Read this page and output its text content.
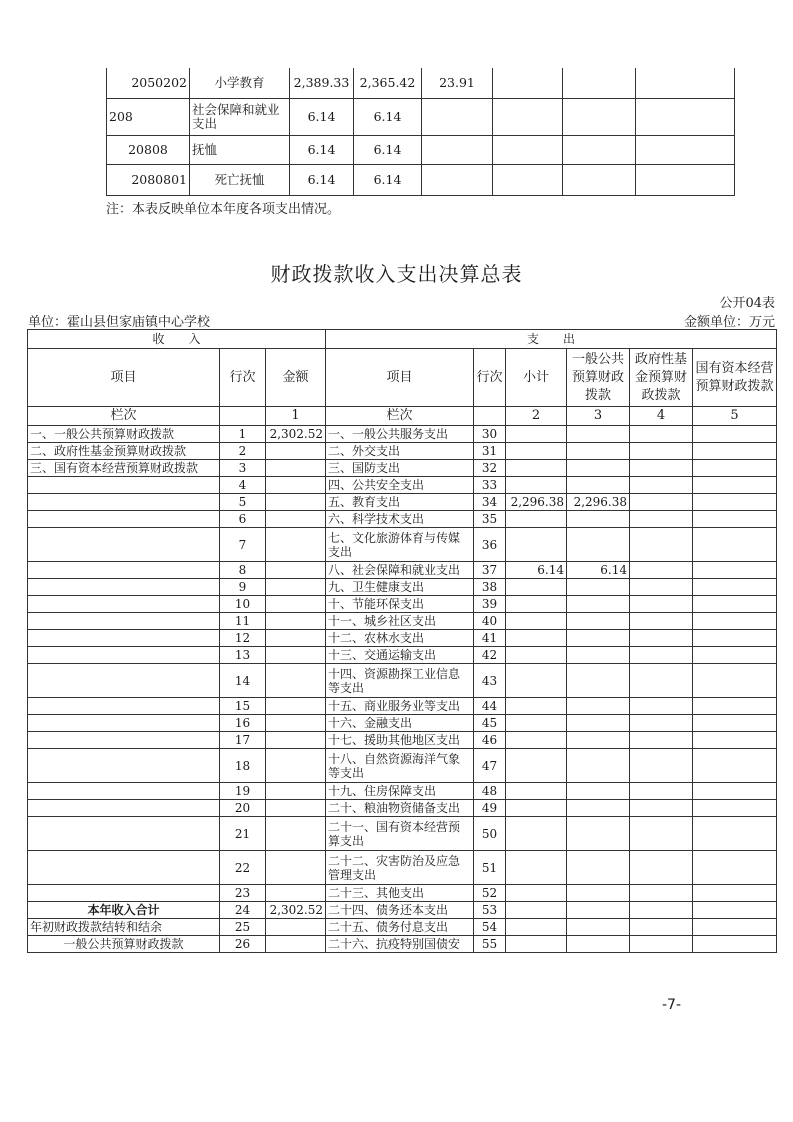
2050202	小学教育	2,389.33	2,365.42	23.91			
208	社会保障和就业支出	6.14	6.14				
20808	抚恤	6.14	6.14				
2080801	死亡抚恤	6.14	6.14				
注：本表反映单位本年度各项支出情况。
财政拨款收入支出决算总表
公开04表
单位：霍山县但家庙镇中心学校	金额单位：万元
收　　入			支　　出					
项目	行次	金额	项目	行次	小计	一般公共预算财政拨款	政府性基金预算财政拨款	国有资本经营预算财政拨款
栏次		1	栏次		2	3	4	5
一、一般公共预算财政拨款	1	2,302.52	一、一般公共服务支出	30				
二、政府性基金预算财政拨款	2		二、外交支出	31				
三、国有资本经营预算财政拨款	3		三、国防支出	32				
	4		四、公共安全支出	33				
	5		五、教育支出	34	2,296.38	2,296.38		
	6		六、科学技术支出	35				
	7		七、文化旅游体育与传媒支出	36				
	8		八、社会保障和就业支出	37	6.14	6.14		
	9		九、卫生健康支出	38				
	10		十、节能环保支出	39				
	11		十一、城乡社区支出	40				
	12		十二、农林水支出	41				
	13		十三、交通运输支出	42				
	14		十四、资源勘探工业信息等支出	43				
	15		十五、商业服务业等支出	44				
	16		十六、金融支出	45				
	17		十七、援助其他地区支出	46				
	18		十八、自然资源海洋气象等支出	47				
	19		十九、住房保障支出	48				
	20		二十、粮油物资储备支出	49				
	21		二十一、国有资本经营预算支出	50				
	22		二十二、灾害防治及应急管理支出	51				
	23		二十三、其他支出	52				
本年收入合计	24	2,302.52	二十四、债务还本支出	53				
年初财政拨款结转和结余	25		二十五、债务付息支出	54				
一般公共预算财政拨款	26		二十六、抗疫特别国债安	55				
-7-
